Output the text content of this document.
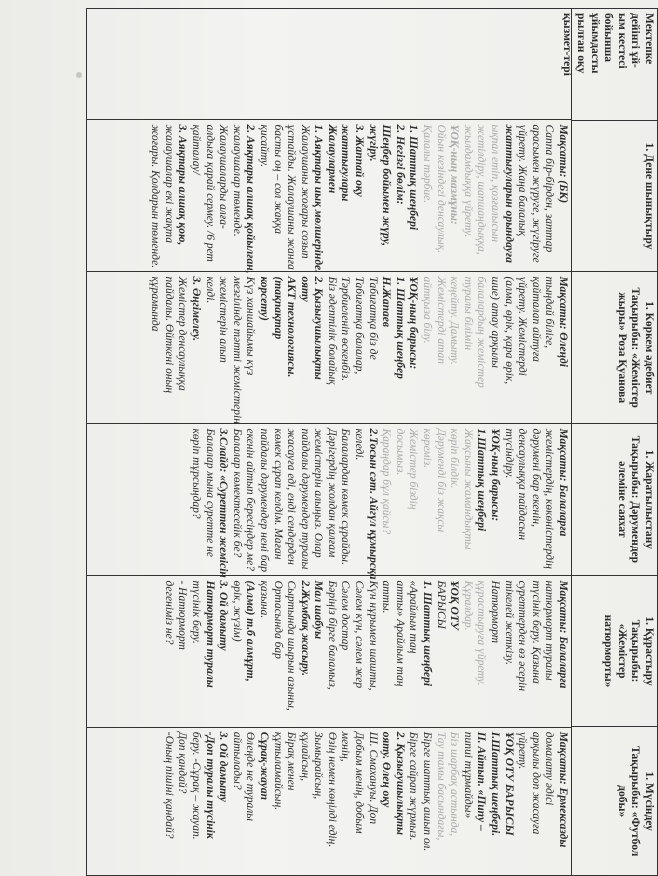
Мектепке
дейінгі ұй-
ым кестесі
бойынша
ұйымдасты
рылған оқу
қызмет-тері
1. Дене шынықтыру
1. Көркем әдебиет
Тақырыбы: «Жемістер
жыры» Роза Қуанова
1. Жаратылыстану
Тақырыбы: Дәрумендер
әлеміне саяхат
1. Құрастыру
Тақырыбы:
«Жемістер
натюрморты»
1. Мүсіндеу
Тақырыбы: «Футбол
добы»
Мақсаты: (БК)
Саппа бір-бірден, заттар
арасымен жүруге, жүгіруге
үйрету. Жаңа балалық
жаттығуларын орындауға
ықпал етіп, қозғалысын
жетілдіру, шапшаңдыққа,
жылдамдыққа үйрету.
ҰОҚ-ның мазмұны:
Ойын кезіндегі денсаулық.
Қалалы тәрбие.
1. Шаттық шеңбері
2. Негізгі бөлім:
Шеңбер бойымен жүру,
жүгіру.
3. Жаппай оқу
жаттығулары
Жалаулармен
1. Аяқтары иық мөлшерінде.
Жалаушаны жоғары созып
ұстайды. Жалаушаны жанға
басты оң – сол жаққа
қисайту.
2. Аяқтары алшақ қойылған,
жалаушалар төменде.
Жалаушаларды алға-
алдыға қарай сермеу. /6 рет
қайталау/
3. Аяқтары алшақ қою,
жалаушалар екі жақта
жоғары. Қолдарын төменде.
Мақсаты: Өлеңді
тыңдай біліге,
қайталап айтуға
үйрету. Жемістерді
(алма, өрік, қара өрік,
шие) атау арқылы
балалардың жемістер
туралы білімін
кеңейту. Дамыту.
Жемістерді атап
айтқыза білу.
ҰОҚ-ның барысы:
1. Шаттық шеңбер
Н.Жапаев
Табиғатқа біз де
Табиғатқа балалар,
Тәрбиеленіп өскенбіз.
Біз әдептілік болайық
2. Қызығушылықты
ояту
АКТ технологиясы.
(тақпақтар
корсету)
Күз ханшайымы күз
мезгілінде тәтті жемістерін
жемістерін алып
келді.
3. Әңгімелеу.
Жемістер денсаулыққа
пайдалы. Өйткені оның
құрамында
Мақсаты: Балаларға
жемістердің, көкөністердің
дәрумені бар екенін,
денсаулыққа пайдасын
түсіндіру.
ҰОҚ-ның барысы:
1.Шаттық шеңбері
Жақсыны жамандықты
көріп білдік.
Дәруменді біз жақсы
көреміз.
Жемістер біздің
досымыз.
Қараңдар бұл қайсы?
2.Тосын сәт. Айгүл құмырсқа
келеді.
Балалардан көмек сұрайды.
Дәрігердің жолдан қалғам
жемістерін алыңыз. Олар
пайдалы дәрумендер туралы
жасауға еді, енді сендерден
көмек сұрап келдім. Маған
пайдалы дәрумендер нені бар
екенін айтып бересіңдер ме?
Балалар көмектесейік бе?
3.Слайд: «Суреттен жемісін
Балалар мына суретте не
көріп тұрсыңдар?
Мақсаты: Балаларға
натюрморт туралы
түсінік беру. Қазына
суреттерден өз әсерін
тікелей жеткізу.
Натюрморт
құрастыруға үйрету.
Құралдар.
ҰОҚ ОТУ
БАРЫСЫ
1. Шаттық шеңбері
«Арайлым таң
атты» Арайлым таң
атты.
Күн нұрымен шашты,
Сәлем күн, сәлем жер
Сәлем достар
Бәріңіз бірге баламыз,
Мал шабуы
2.Жұмбақ жасыру.
Сыртында шырын азыны,
Ортасында бар
қазына.
(Алма) т.б алмұрт,
өрік, жүзім)
3. Ой дамыту
Натюрморт туралы
түсінік беру.
- Натюрморт
дегеніміз не?
Мақсаты: Ермексазды
домалату әдісі
арқылы доп жасауға
үйрету.
ҰОҚ ОТУ БАРЫСЫ
І.Шаттық шеңбері.
ІІ. Айтып. «Пипу –
пипиі тұрмайды»
Біз шарбақ астында,
Тау тамы басындағы,
Бірге шаттық ашып ол.
Бірге сайрап жүрмыз.
2. Қызығушылықты
ояту. Өлең оқу
Ш. Смахануы. Доп
Добым менің, добым
менің,
Өзің немен көңілді едің.
Зымырайсың,
құлайсың,
Бірақ менен
құтыламайсың.
Сұрақ-жауап
Өлеңде не туралы
айтылады?
3. Ой дамыту
-Доп туралы түсінік
беру. -Сұрақ – жауап.
Доп қандай?
-Оның пішіні қандай?
